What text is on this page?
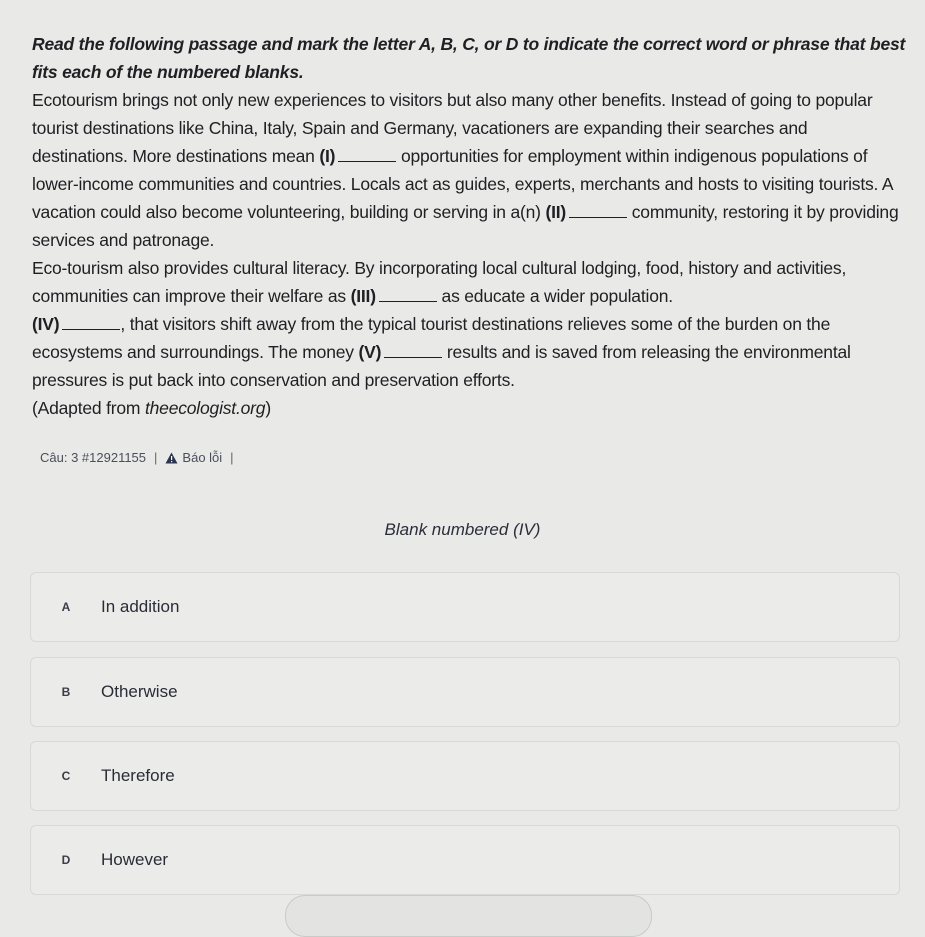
Read the following passage and mark the letter A, B, C, or D to indicate the correct word or phrase that best fits each of the numbered blanks.

Ecotourism brings not only new experiences to visitors but also many other benefits. Instead of going to popular tourist destinations like China, Italy, Spain and Germany, vacationers are expanding their searches and destinations. More destinations mean (I)	opportunities for employment within indigenous populations of lower-income communities and countries. Locals act as guides, experts, merchants and hosts to visiting tourists. A vacation could also become volunteering, building or serving in a(n) (II)	community, restoring it by providing services and patronage.

Eco-tourism also provides cultural literacy. By incorporating local cultural lodging, food, history and activities, communities can improve their welfare as (III)	as educate a wider population.

(IV)	, that visitors shift away from the typical tourist destinations relieves some of the burden on the ecosystems and surroundings. The money (V)	results and is saved from releasing the environmental pressures is put back into conservation and preservation efforts.

(Adapted from theecologist.org)

Câu: 3 #12921155 | Báo lỗi |
Blank numbered (IV)
A	In addition
B	Otherwise
C	Therefore
D	However
